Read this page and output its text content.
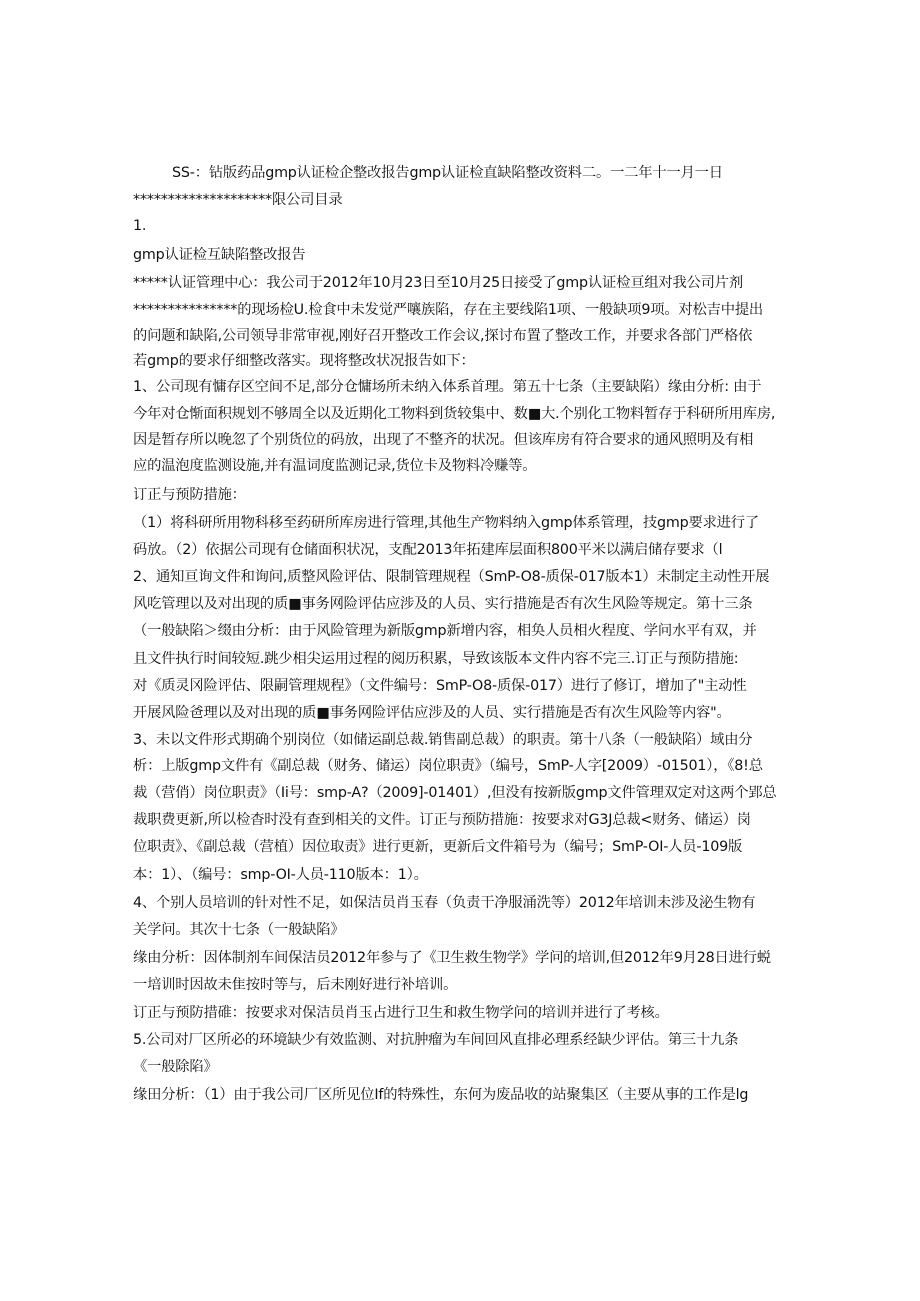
SS-：钻版药品gmp认证检企整改报告gmp认证检直缺陷整改资料二。一二年十一月一日
********************限公司目录
1.
gmp认证检互缺陷整改报告
*****认证管理中心：我公司于2012年10月23日至10月25日接受了gmp认证检亘组对我公司片剂
***************的现场检U.检食中未发觉严嚷族陷，存在主要线陷1项、一般缺项9项。对松吉中提出
的问题和缺陷,公司领导非常审视,刚好召开整改工作会议,探讨布置了整改工作，并要求各部门严格依
若gmp的要求仔细整改落实。现将整改状况报告如下：
1、公司现有慵存区空间不足,部分仓慵场所未纳入体系首理。第五十七条（主要缺陷）缘由分析: 由于
今年对仓惭面积规划不够周全以及近期化工物料到货较集中、数■大.个别化工物料暂存于科研所用库房,
因是暂存所以晚忽了个别货位的码放，出现了不整齐的状况。但该库房有符合要求的通风照明及有相
应的温泡度监测设施,并有温词度监测记录,货位卡及物料冷赚等。
订正与预防措施：
（1）将科研所用物科移至药研所库房进行管理,其他生产物料纳入gmp体系管理，技gmp要求进行了
码放。（2）依据公司现有仓储面积状况，支配2013年拓建库层面积800平米以满启储存要求（l
2、通知亘询文件和询问,质整风险评估、限制管理规程（SmP-O8-质保-017版本1）未制定主动性开展
风吃管理以及对出现的质■事务网险评估应涉及的人员、实行措施是否有次生风险等规定。第十三条
（一般缺陷＞缀由分析：由于风险管理为新版gmp新增内容，相奂人员相火程度、学问水平有双，并
且文件执行时间较短.跳少相尖运用过程的阅历积累，导致该版本文件内容不完三.订正与预防措施:
对《质灵冈险评估、限嗣管理规程》（文件编号：SmP-O8-质保-017）进行了修订，增加了"主动性
开展风险爸理以及对出现的质■事务网险评估应涉及的人员、实行措施是否有次生风险等内容"。
3、未以文件形式期确个别岗位（如储运副总裁.销售副总裁）的职责。第十八条（一般缺陷）域由分
析：上版gmp文件有《副总裁（财务、储运）岗位职责》（编号，SmP-人字[2009）-01501），《8!总
裁（营俏）岗位职责》（Ii号：smp-A?（2009]-01401）,但没有按新版gmp文件管理双定对这两个郢总
裁职费更新,所以检杳时没有查到相关的文件。订正与预防措施：按要求对G3J总裁<财务、储运）岗
位职责》、《副总裁（营植）因位取责》进行更新，更新后文件箱号为（编号；SmP-OI-人员-109版
本：1）、（编号：smp-OI-人员-110版本：1）。
4、个别人员培训的针对性不足，如保洁员肖玉春（负责干净服涌洗等）2012年培训未涉及泌生物有
关学问。其次十七条（一般缺陷》
缘由分析：因体制剂车间保洁员2012年参与了《卫生救生物学》学问的培训,但2012年9月28日进行蜕
一培训时因故未隹按时等与，后未刚好进行补培训。
订正与预防措碓：按要求对保洁员肖玉占进行卫生和救生物学问的培训并进行了考核。
5.公司对厂区所必的环境缺少有效监测、对抗肿瘤为车间回风直排必理系经缺少评估。第三十九条
《一般除陷》
缘田分析：（1）由于我公司厂区所见位If的特殊性，东何为废品收的站聚集区（主要从事的工作是lg
